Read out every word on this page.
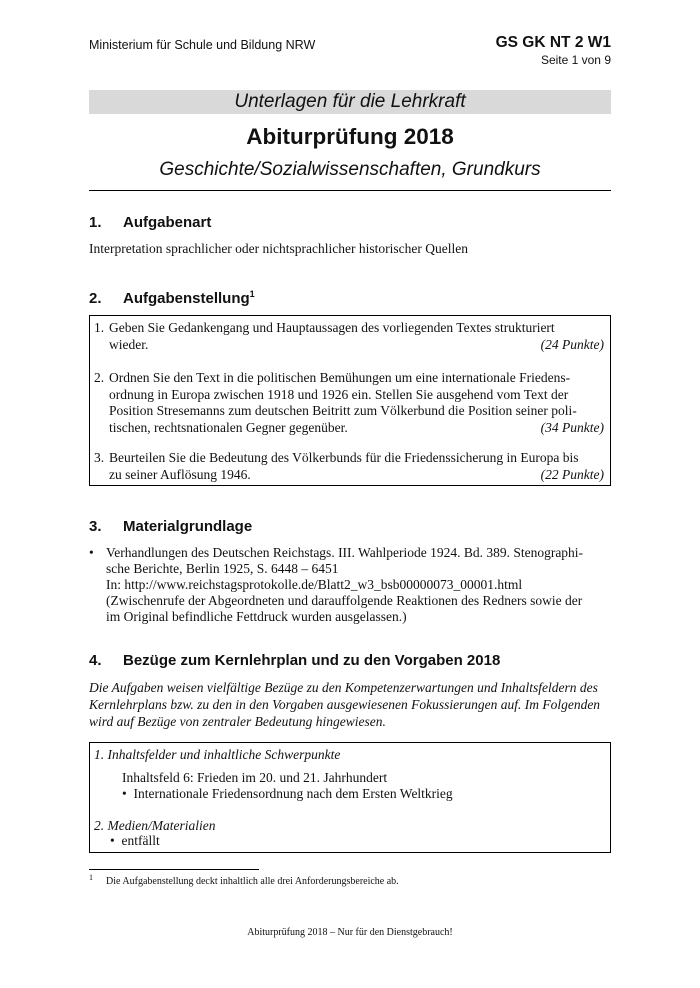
Ministerium für Schule und Bildung NRW	GS GK NT 2 W1
Seite 1 von 9
Unterlagen für die Lehrkraft
Abiturprüfung 2018
Geschichte/Sozialwissenschaften, Grundkurs
1. Aufgabenart
Interpretation sprachlicher oder nichtsprachlicher historischer Quellen
2. Aufgabenstellung$^1$
1. Geben Sie Gedankengang und Hauptaussagen des vorliegenden Textes strukturiert
wieder.	(24 Punkte)
2. Ordnen Sie den Text in die politischen Bemühungen um eine internationale Friedens-
ordnung in Europa zwischen 1918 und 1926 ein. Stellen Sie ausgehend vom Text der
Position Stresemanns zum deutschen Beitritt zum Völkerbund die Position seiner poli-
tischen, rechtsnationalen Gegner gegenüber.	(34 Punkte)
3. Beurteilen Sie die Bedeutung des Völkerbunds für die Friedenssicherung in Europa bis
zu seiner Auflösung 1946.	(22 Punkte)
3. Materialgrundlage
• Verhandlungen des Deutschen Reichstags. III. Wahlperiode 1924. Bd. 389. Stenographi-
sche Berichte, Berlin 1925, S. 6448 – 6451
In: http://www.reichstagsprotokolle.de/Blatt2_w3_bsb00000073_00001.html
(Zwischenrufe der Abgeordneten und darauffolgende Reaktionen des Redners sowie der
im Original befindliche Fettdruck wurden ausgelassen.)
4. Bezüge zum Kernlehrplan und zu den Vorgaben 2018
Die Aufgaben weisen vielfältige Bezüge zu den Kompetenzerwartungen und Inhaltsfeldern des
Kernlehrplans bzw. zu den in den Vorgaben ausgewiesenen Fokussierungen auf. Im Folgenden
wird auf Bezüge von zentraler Bedeutung hingewiesen.
1. Inhaltsfelder und inhaltliche Schwerpunkte
Inhaltsfeld 6: Frieden im 20. und 21. Jahrhundert
• Internationale Friedensordnung nach dem Ersten Weltkrieg
2. Medien/Materialien
• entfällt
1 Die Aufgabenstellung deckt inhaltlich alle drei Anforderungsbereiche ab.
Abiturprüfung 2018 – Nur für den Dienstgebrauch!
